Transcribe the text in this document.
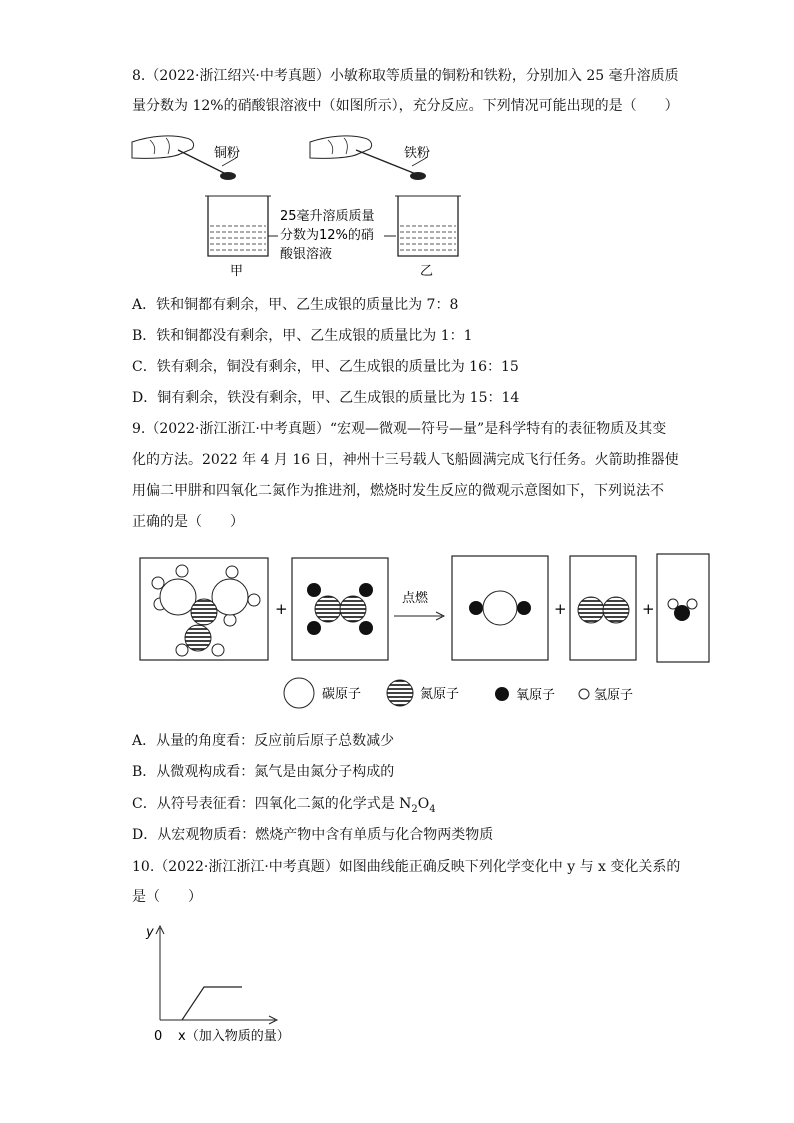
8.（2022·浙江绍兴·中考真题）小敏称取等质量的铜粉和铁粉，分别加入 25 毫升溶质质
量分数为 12%的硝酸银溶液中（如图所示），充分反应。下列情况可能出现的是（　　）
铜粉
甲
25毫升溶质质量
分数为12%的硝
酸银溶液
铁粉
乙
A．铁和铜都有剩余，甲、乙生成银的质量比为 7：8
B．铁和铜都没有剩余，甲、乙生成银的质量比为 1：1
C．铁有剩余，铜没有剩余，甲、乙生成银的质量比为 16：15
D．铜有剩余，铁没有剩余，甲、乙生成银的质量比为 15：14
9.（2022·浙江浙江·中考真题）“宏观—微观—符号—量”是科学特有的表征物质及其变
化的方法。2022 年 4 月 16 日，神州十三号载人飞船圆满完成飞行任务。火箭助推器使
用偏二甲肼和四氧化二氮作为推进剂，燃烧时发生反应的微观示意图如下，下列说法不
正确的是（　　）
+
点燃
+	+
碳原子	氮原子	氧原子	氢原子
A．从量的角度看：反应前后原子总数减少
B．从微观构成看：氮气是由氮分子构成的
C．从符号表征看：四氧化二氮的化学式是 $N_2O_4$
D．从宏观物质看：燃烧产物中含有单质与化合物两类物质
10.（2022·浙江浙江·中考真题）如图曲线能正确反映下列化学变化中 y 与 x 变化关系的
是（　　）
y
0 x（加入物质的量）
